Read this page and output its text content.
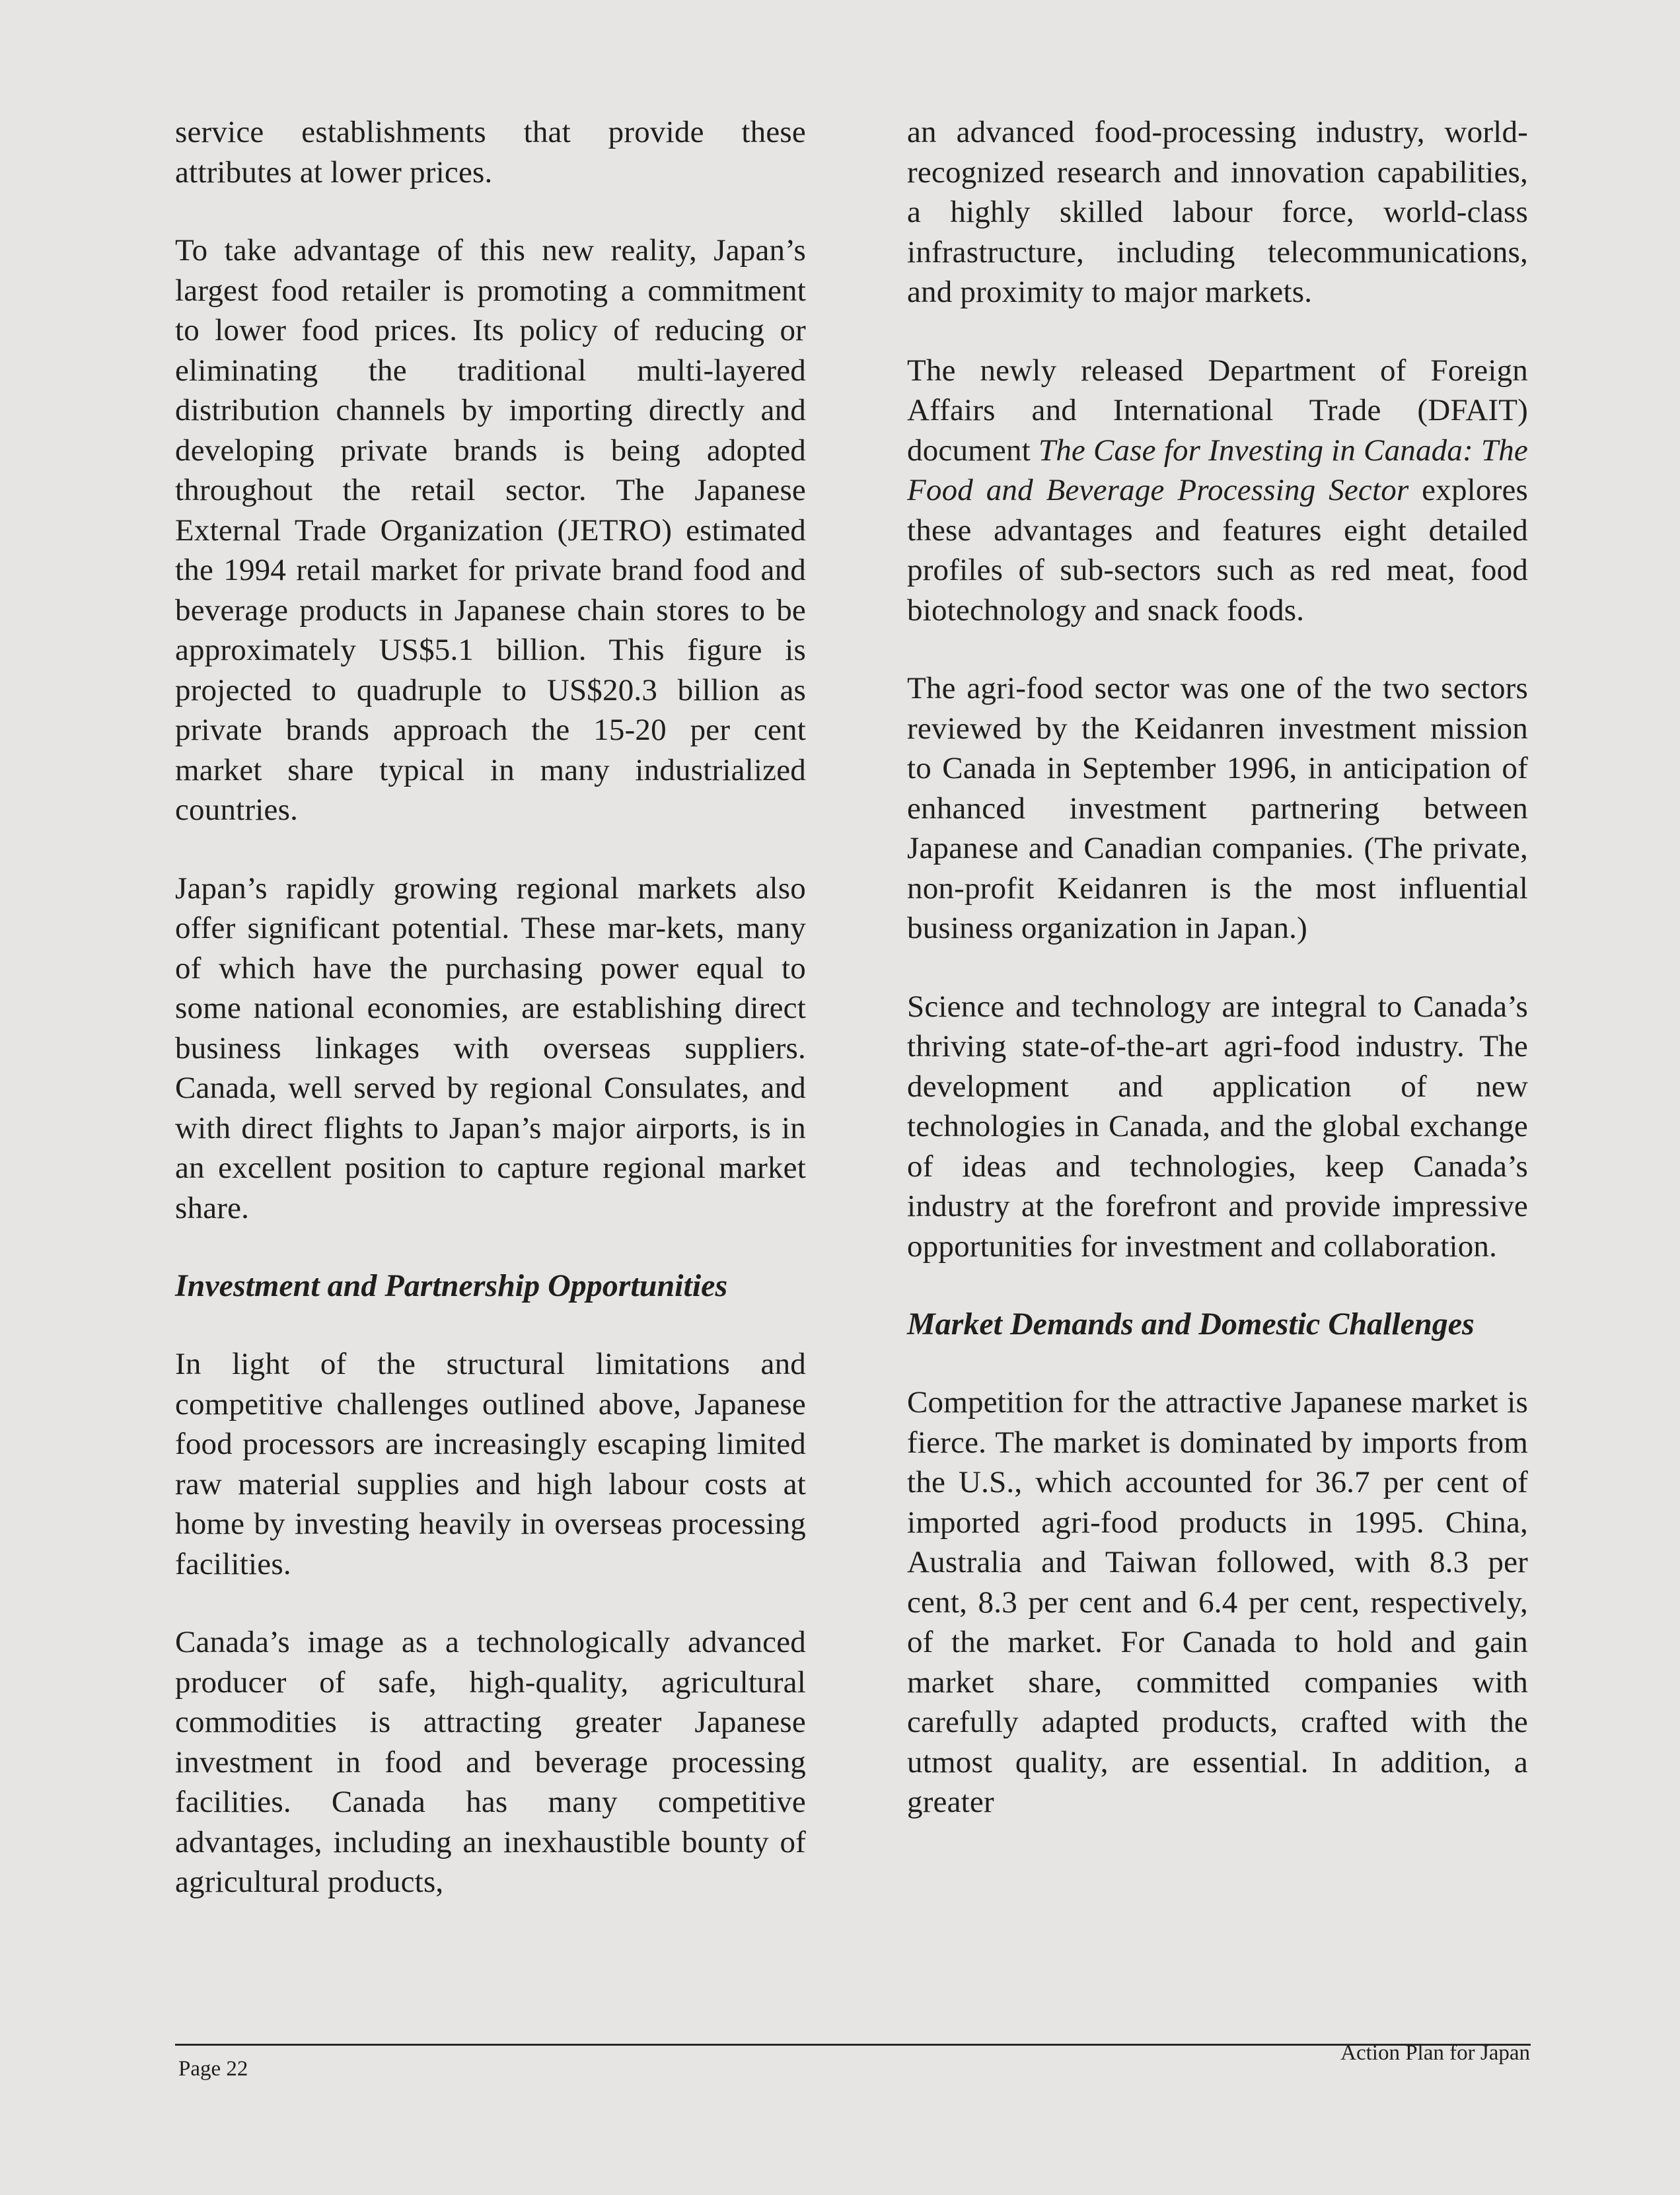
service establishments that provide these attributes at lower prices.

To take advantage of this new reality, Japan’s largest food retailer is promoting a commitment to lower food prices. Its policy of reducing or eliminating the traditional multi-layered distribution channels by importing directly and developing private brands is being adopted throughout the retail sector. The Japanese External Trade Organization (JETRO) estimated the 1994 retail market for private brand food and beverage products in Japanese chain stores to be approximately US$5.1 billion. This figure is projected to quadruple to US$20.3 billion as private brands approach the 15-20 per cent market share typical in many industrialized countries.

Japan’s rapidly growing regional markets also offer significant potential. These mar-kets, many of which have the purchasing power equal to some national economies, are establishing direct business linkages with overseas suppliers. Canada, well served by regional Consulates, and with direct flights to Japan’s major airports, is in an excellent position to capture regional market share.

Investment and Partnership Opportunities

In light of the structural limitations and competitive challenges outlined above, Japanese food processors are increasingly escaping limited raw material supplies and high labour costs at home by investing heavily in overseas processing facilities.

Canada’s image as a technologically advanced producer of safe, high-quality, agricultural commodities is attracting greater Japanese investment in food and beverage processing facilities. Canada has many competitive advantages, including an inexhaustible bounty of agricultural products,

an advanced food-processing industry, world-recognized research and innovation capabilities, a highly skilled labour force, world-class infrastructure, including telecommunications, and proximity to major markets.

The newly released Department of Foreign Affairs and International Trade (DFAIT) document The Case for Investing in Canada: The Food and Beverage Processing Sector explores these advantages and features eight detailed profiles of sub-sectors such as red meat, food biotechnology and snack foods.

The agri-food sector was one of the two sectors reviewed by the Keidanren investment mission to Canada in September 1996, in anticipation of enhanced investment partnering between Japanese and Canadian companies. (The private, non-profit Keidanren is the most influential business organization in Japan.)

Science and technology are integral to Canada’s thriving state-of-the-art agri-food industry. The development and application of new technologies in Canada, and the global exchange of ideas and technologies, keep Canada’s industry at the forefront and provide impressive opportunities for investment and collaboration.

Market Demands and Domestic Challenges

Competition for the attractive Japanese market is fierce. The market is dominated by imports from the U.S., which accounted for 36.7 per cent of imported agri-food products in 1995. China, Australia and Taiwan followed, with 8.3 per cent, 8.3 per cent and 6.4 per cent, respectively, of the market. For Canada to hold and gain market share, committed companies with carefully adapted products, crafted with the utmost quality, are essential. In addition, a greater

Page 22
Action Plan for Japan
